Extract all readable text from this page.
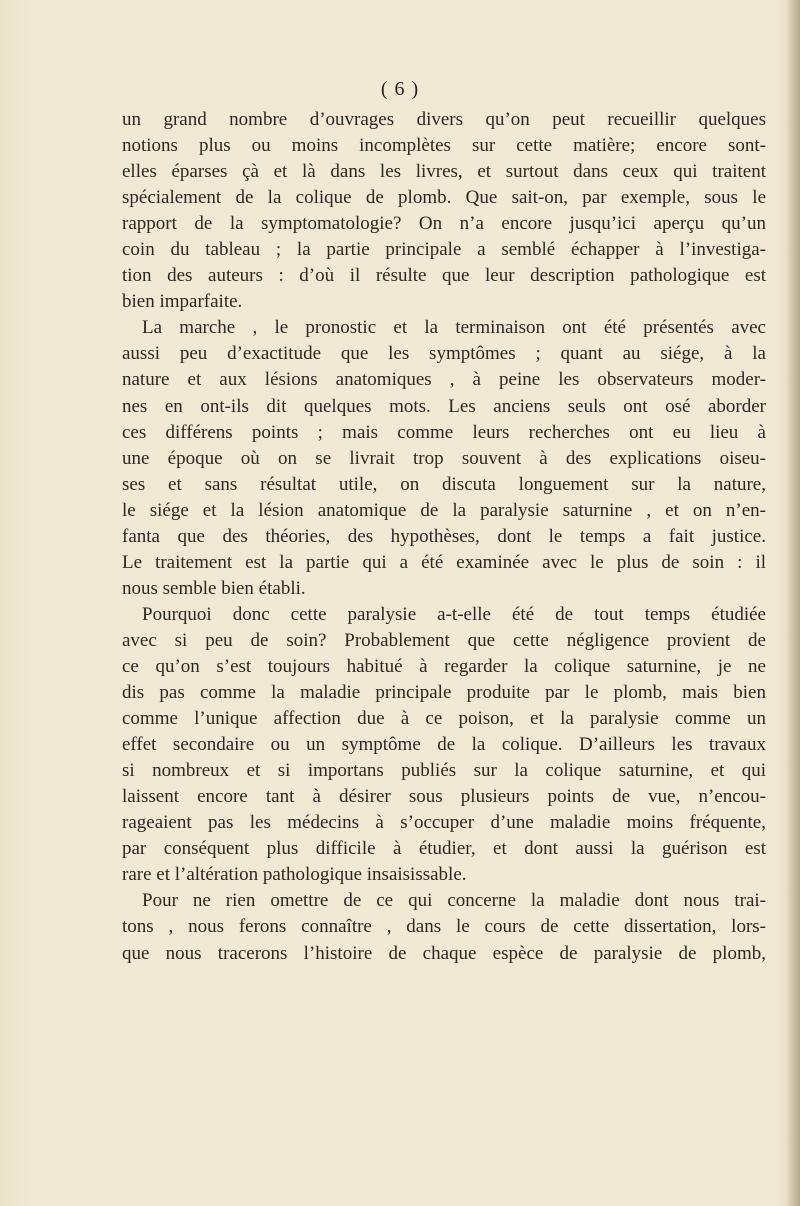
( 6 )
un grand nombre d’ouvrages divers qu’on peut recueillir quelques
notions plus ou moins incomplètes sur cette matière; encore sont-
elles éparses çà et là dans les livres, et surtout dans ceux qui traitent
spécialement de la colique de plomb. Que sait-on, par exemple, sous le
rapport de la symptomatologie? On n’a encore jusqu’ici aperçu qu’un
coin du tableau ; la partie principale a semblé échapper à l’investiga-
tion des auteurs : d’où il résulte que leur description pathologique est
bien imparfaite.
La marche , le pronostic et la terminaison ont été présentés avec
aussi peu d’exactitude que les symptômes ; quant au siége, à la
nature et aux lésions anatomiques , à peine les observateurs moder-
nes en ont-ils dit quelques mots. Les anciens seuls ont osé aborder
ces différens points ; mais comme leurs recherches ont eu lieu à
une époque où on se livrait trop souvent à des explications oiseu-
ses et sans résultat utile, on discuta longuement sur la nature,
le siége et la lésion anatomique de la paralysie saturnine , et on n’en-
fanta que des théories, des hypothèses, dont le temps a fait justice.
Le traitement est la partie qui a été examinée avec le plus de soin : il
nous semble bien établi.
Pourquoi donc cette paralysie a-t-elle été de tout temps étudiée
avec si peu de soin? Probablement que cette négligence provient de
ce qu’on s’est toujours habitué à regarder la colique saturnine, je ne
dis pas comme la maladie principale produite par le plomb, mais bien
comme l’unique affection due à ce poison, et la paralysie comme un
effet secondaire ou un symptôme de la colique. D’ailleurs les travaux
si nombreux et si importans publiés sur la colique saturnine, et qui
laissent encore tant à désirer sous plusieurs points de vue, n’encou-
rageaient pas les médecins à s’occuper d’une maladie moins fréquente,
par conséquent plus difficile à étudier, et dont aussi la guérison est
rare et l’altération pathologique insaisissable.
Pour ne rien omettre de ce qui concerne la maladie dont nous trai-
tons , nous ferons connaître , dans le cours de cette dissertation, lors-
que nous tracerons l’histoire de chaque espèce de paralysie de plomb,
